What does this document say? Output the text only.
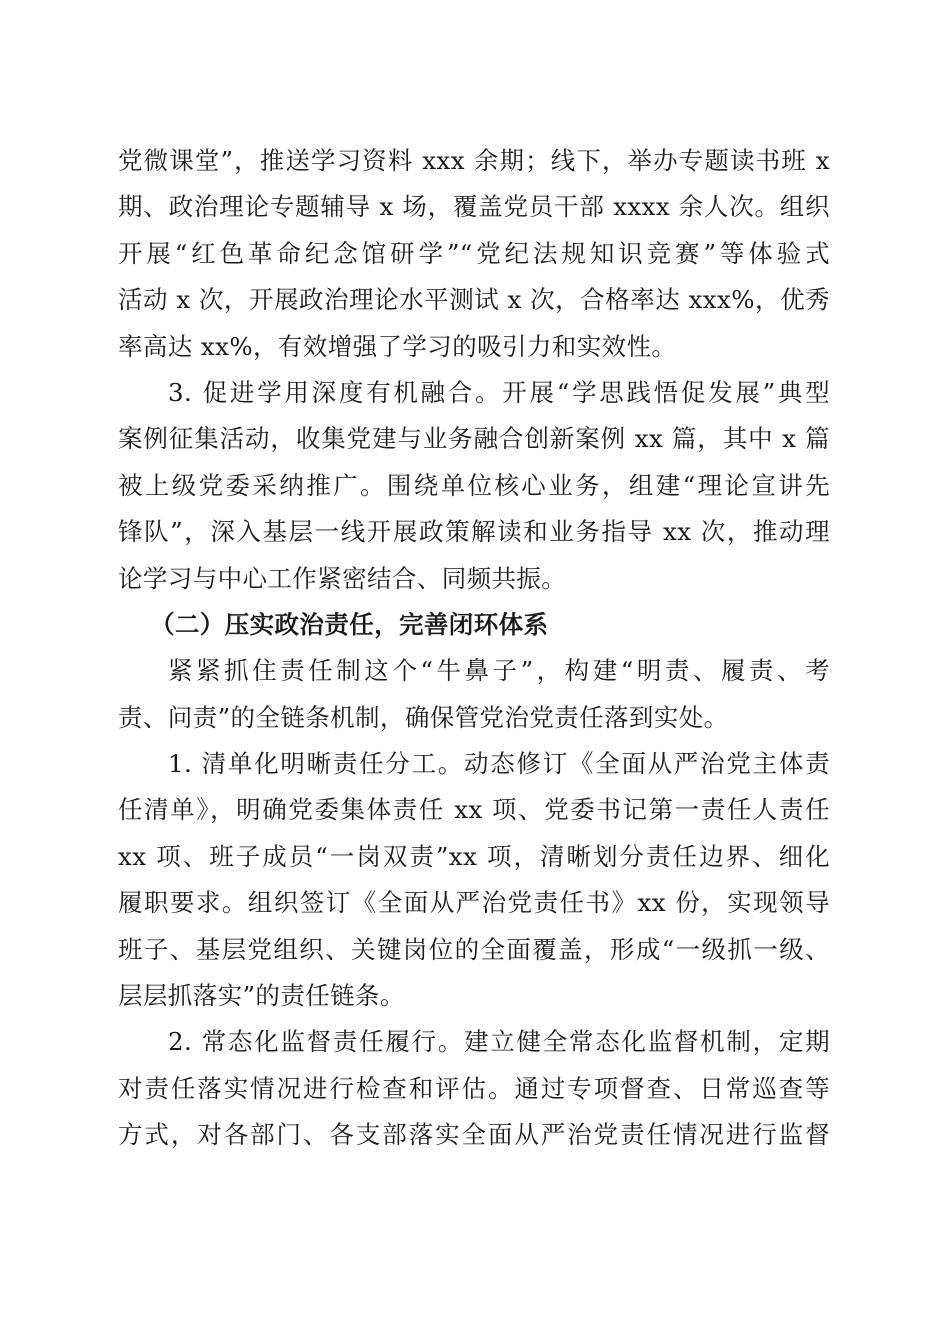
党微课堂”，推送学习资料 xxx 余期；线下，举办专题读书班 x
期、政治理论专题辅导 x 场，覆盖党员干部 xxxx 余人次。组织
开展“红色革命纪念馆研学”“党纪法规知识竞赛”等体验式
活动 x 次，开展政治理论水平测试 x 次，合格率达 xxx%，优秀
率高达 xx%，有效增强了学习的吸引力和实效性。
3. 促进学用深度有机融合。开展“学思践悟促发展”典型
案例征集活动，收集党建与业务融合创新案例 xx 篇，其中 x 篇
被上级党委采纳推广。围绕单位核心业务，组建“理论宣讲先
锋队”，深入基层一线开展政策解读和业务指导 xx 次，推动理
论学习与中心工作紧密结合、同频共振。
（二）压实政治责任，完善闭环体系
紧紧抓住责任制这个“牛鼻子”，构建“明责、履责、考
责、问责”的全链条机制，确保管党治党责任落到实处。
1. 清单化明晰责任分工。动态修订《全面从严治党主体责
任清单》，明确党委集体责任 xx 项、党委书记第一责任人责任
xx 项、班子成员“一岗双责”xx 项，清晰划分责任边界、细化
履职要求。组织签订《全面从严治党责任书》xx 份，实现领导
班子、基层党组织、关键岗位的全面覆盖，形成“一级抓一级、
层层抓落实”的责任链条。
2. 常态化监督责任履行。建立健全常态化监督机制，定期
对责任落实情况进行检查和评估。通过专项督查、日常巡查等
方式，对各部门、各支部落实全面从严治党责任情况进行监督
